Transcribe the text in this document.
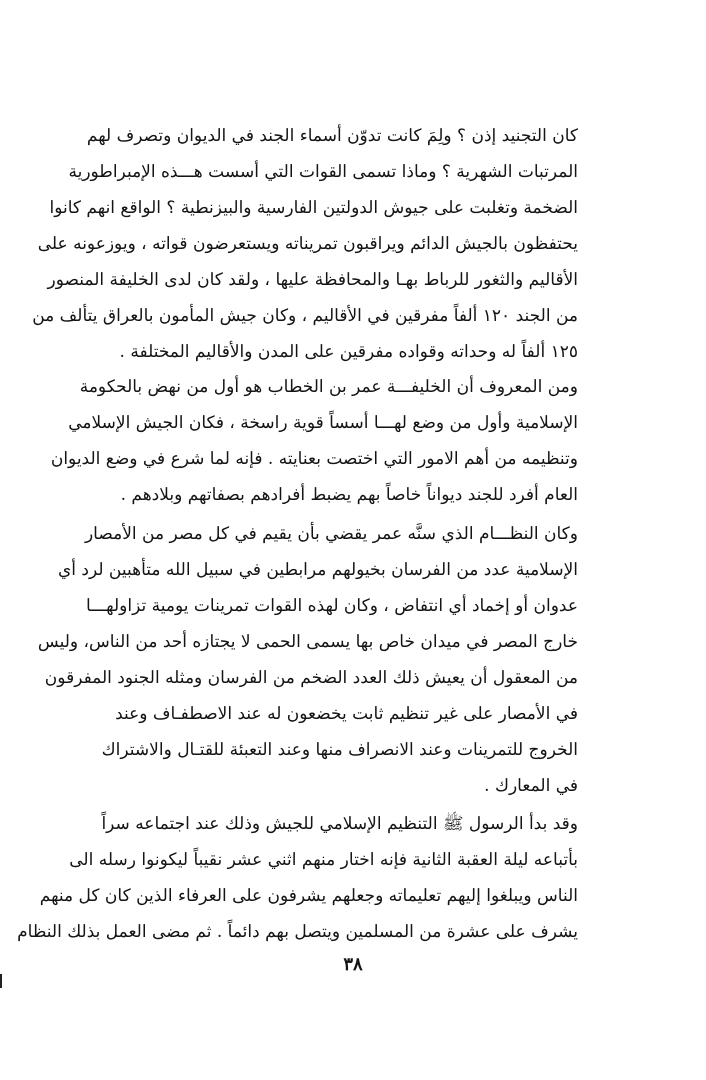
كان التجنيد إذن ؟ ولِمَ كانت تدوّن أسماء الجند في الديوان وتصرف لهم
المرتبات الشهرية ؟ وماذا تسمى القوات التي أسست هـــذه الإمبراطورية
الضخمة وتغلبت على جيوش الدولتين الفارسية والبيزنطية ؟ الواقع انهم كانوا
يحتفظون بالجيش الدائم ويراقبون تمريناته ويستعرضون قواته ، ويوزعونه على
الأقاليم والثغور للرباط بهـا والمحافظة عليها ، ولقد كان لدى الخليفة المنصور
من الجند ١٢٠ ألفاً مفرقين في الأقاليم ، وكان جيش المأمون بالعراق يتألف من
١٢٥ ألفاً له وحداته وقواده مفرقين على المدن والأقاليم المختلفة .
ومن المعروف أن الخليفـــة عمر بن الخطاب هو أول من نهض بالحكومة
الإسلامية وأول من وضع لهـــا أسساً قوية راسخة ، فكان الجيش الإسلامي
وتنظيمه من أهم الامور التي اختصت بعنايته . فإنه لما شرع في وضع الديوان
العام أفرد للجند ديواناً خاصاً بهم يضبط أفرادهم بصفاتهم وبلادهم .
وكان النظـــام الذي سنَّه عمر يقضي بأن يقيم في كل مصر من الأمصار
الإسلامية عدد من الفرسان بخيولهم مرابطين في سبيل الله متأهبين لرد أي
عدوان أو إخماد أي انتفاض ، وكان لهذه القوات تمرينات يومية تزاولهـــا
خارج المصر في ميدان خاص بها يسمى الحمى لا يجتازه أحد من الناس، وليس
من المعقول أن يعيش ذلك العدد الضخم من الفرسان ومثله الجنود المفرقون
في الأمصار على غير تنظيم ثابت يخضعون له عند الاصطفـاف وعند
الخروج للتمرينات وعند الانصراف منها وعند التعبئة للقتـال والاشتراك
في المعارك .
وقد بدأ الرسول ﷺ التنظيم الإسلامي للجيش وذلك عند اجتماعه سراً
بأتباعه ليلة العقبة الثانية فإنه اختار منهم اثني عشر نقيباً ليكونوا رسله الى
الناس ويبلغوا إليهم تعليماته وجعلهم يشرفون على العرفاء الذين كان كل منهم
يشرف على عشرة من المسلمين ويتصل بهم دائماً . ثم مضى العمل بذلك النظام
٣٨
